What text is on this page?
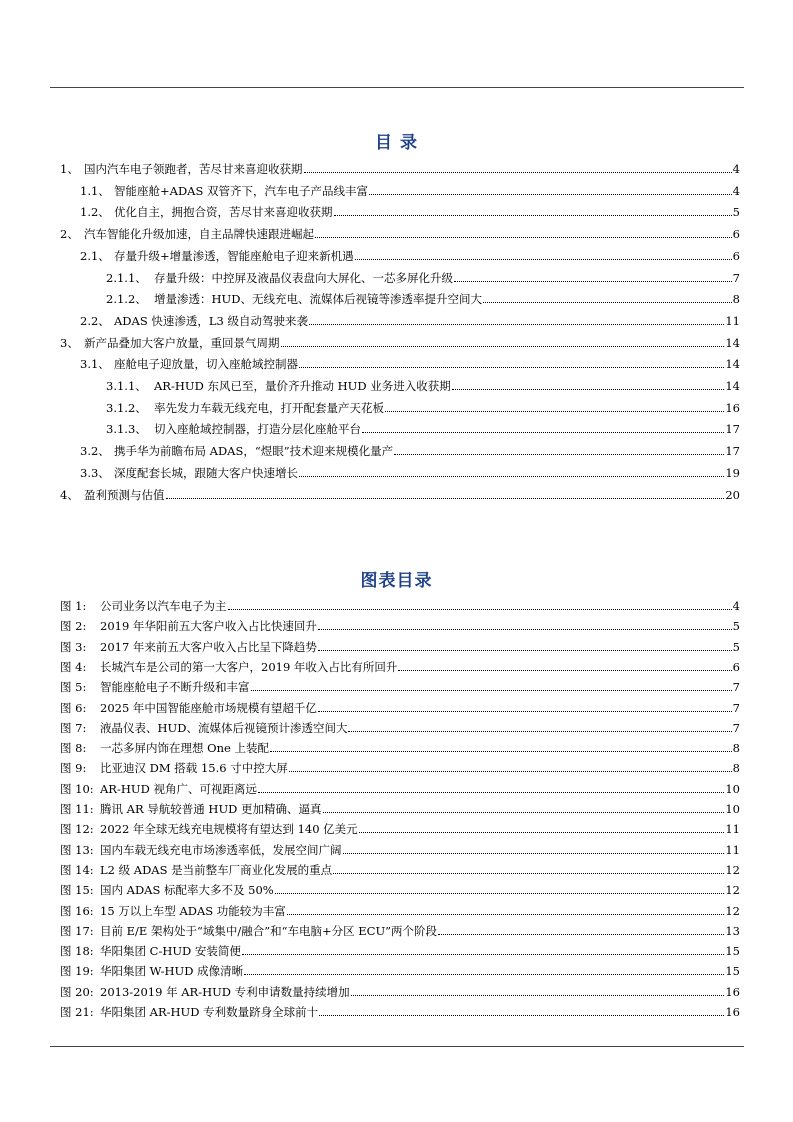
目 录
1、 国内汽车电子领跑者，苦尽甘来喜迎收获期	4
1.1、 智能座舱+ADAS 双管齐下，汽车电子产品线丰富	4
1.2、 优化自主，拥抱合资，苦尽甘来喜迎收获期	5
2、 汽车智能化升级加速，自主品牌快速跟进崛起	6
2.1、 存量升级+增量渗透，智能座舱电子迎来新机遇	6
2.1.1、 存量升级：中控屏及液晶仪表盘向大屏化、一芯多屏化升级	7
2.1.2、 增量渗透：HUD、无线充电、流媒体后视镜等渗透率提升空间大	8
2.2、 ADAS 快速渗透，L3 级自动驾驶来袭	11
3、 新产品叠加大客户放量，重回景气周期	14
3.1、 座舱电子迎放量，切入座舱域控制器	14
3.1.1、 AR-HUD 东风已至，量价齐升推动 HUD 业务进入收获期	14
3.1.2、 率先发力车载无线充电，打开配套量产天花板	16
3.1.3、 切入座舱域控制器，打造分层化座舱平台	17
3.2、 携手华为前瞻布局 ADAS，“煜眼”技术迎来规模化量产	17
3.3、 深度配套长城，跟随大客户快速增长	19
4、 盈利预测与估值	20
图表目录
图 1:	公司业务以汽车电子为主	4
图 2:	2019 年华阳前五大客户收入占比快速回升	5
图 3:	2017 年来前五大客户收入占比呈下降趋势	5
图 4:	长城汽车是公司的第一大客户，2019 年收入占比有所回升	6
图 5:	智能座舱电子不断升级和丰富	7
图 6:	2025 年中国智能座舱市场规模有望超千亿	7
图 7:	液晶仪表、HUD、流媒体后视镜预计渗透空间大	7
图 8:	一芯多屏内饰在理想 One 上装配	8
图 9:	比亚迪汉 DM 搭载 15.6 寸中控大屏	8
图 10: AR-HUD 视角广、可视距离远	10
图 11: 腾讯 AR 导航较普通 HUD 更加精确、逼真	10
图 12: 2022 年全球无线充电规模将有望达到 140 亿美元	11
图 13: 国内车载无线充电市场渗透率低，发展空间广阔	11
图 14: L2 级 ADAS 是当前整车厂商业化发展的重点	12
图 15: 国内 ADAS 标配率大多不及 50%	12
图 16: 15 万以上车型 ADAS 功能较为丰富	12
图 17: 目前 E/E 架构处于“域集中/融合”和“车电脑+分区 ECU”两个阶段	13
图 18: 华阳集团 C-HUD 安装简便	15
图 19: 华阳集团 W-HUD 成像清晰	15
图 20: 2013-2019 年 AR-HUD 专利申请数量持续增加	16
图 21: 华阳集团 AR-HUD 专利数量跻身全球前十	16
